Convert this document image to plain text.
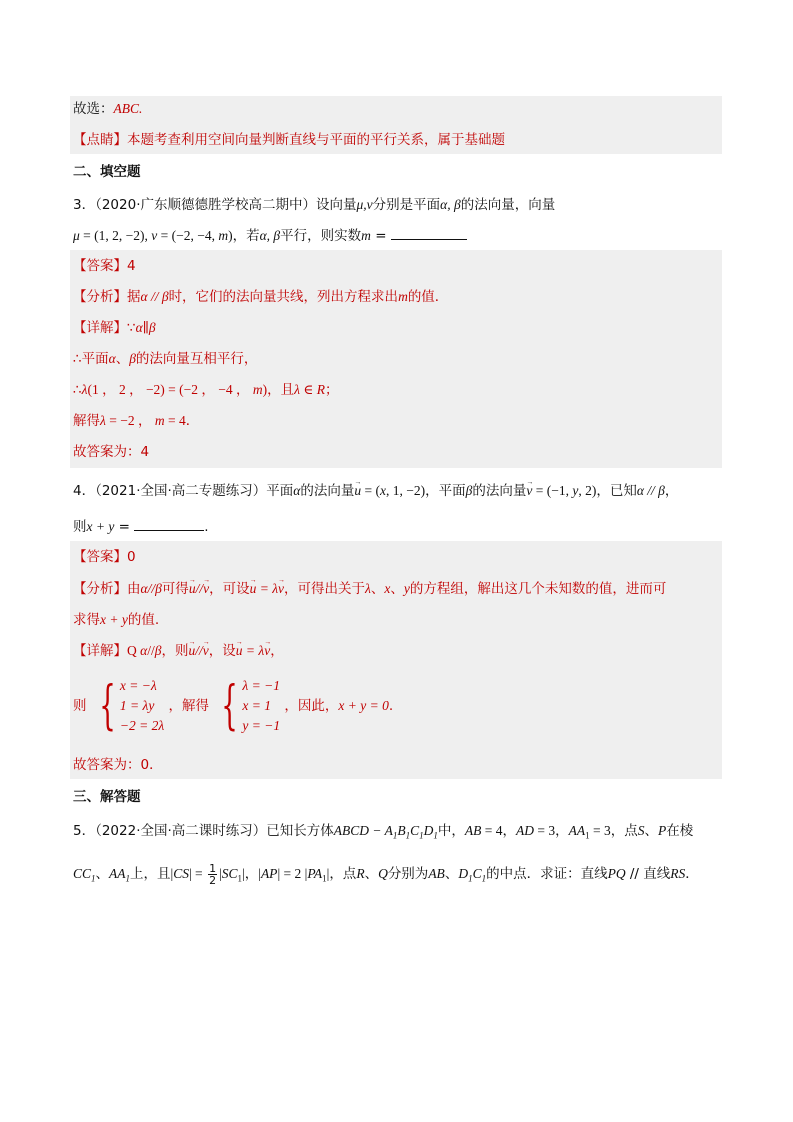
故选：ABC.
【点睛】本题考查利用空间向量判断直线与平面的平行关系，属于基础题
二、填空题
3．（2020·广东顺德德胜学校高二期中）设向量μ,ν分别是平面α, β的法向量，向量
μ = (1, 2, −2), v = (−2, −4, m)，若α, β平行，则实数m =
【答案】4
【分析】据α // β时，它们的法向量共线，列出方程求出m的值．
【详解】∵α∥β
∴平面α、β的法向量互相平行，
∴λ(1 ， 2 ， −2) = (−2 ， −4 ， m)，且λ ∈ R；
解得λ = −2 ， m = 4．
故答案为：4
4．（2021·全国·高二专题练习）平面α的法向量→ u = (x, 1, −2)，平面β的法向量→ v = (−1, y, 2)，已知α // β，
则x + y =	.
【答案】0
【分析】由α//β可得→ u//→ v，可设→ u = λ→ v，可得出关于λ、x、y的方程组，解出这几个未知数的值，进而可
求得x + y的值.
【详解】Q α//β，则→ u//→ v，设→ u = λ→ v，
则 { x = −λ
1 = λy
−2 = 2λ
，解得 { λ = −1
x = 1
y = −1
，因此，x + y = 0.
故答案为：0．
三、解答题
5．（2022·全国·高二课时练习）已知长方体ABCD − $A_1B_1C_1D_1$中，AB = 4，AD = 3，$AA_1 = 3$，点S、P在棱
$CC_1$、$AA_1$上，且$|CS| = \frac{1}{2} |SC_1|$，|AP| = 2 $|PA_1|$，点R、Q分别为AB、$D_1C_1$的中点．求证：直线PQ // 直线RS．
